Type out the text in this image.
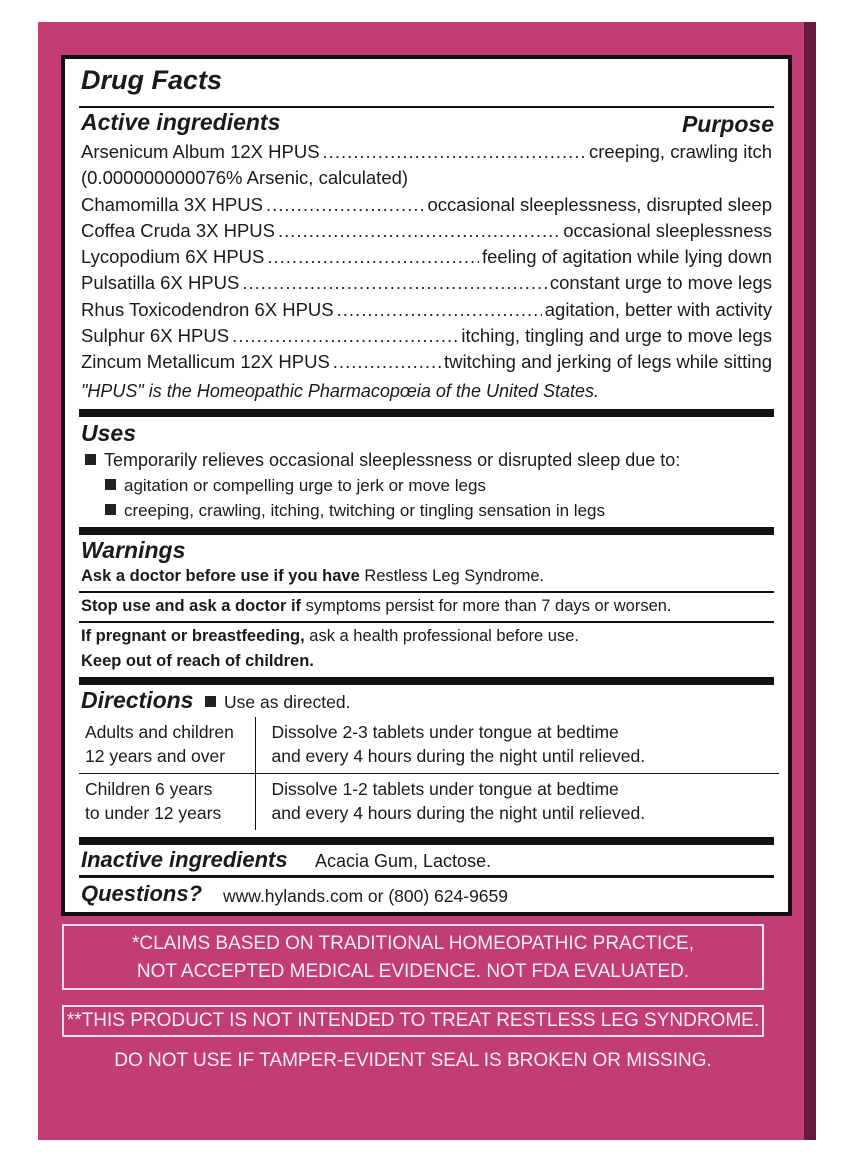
Drug Facts
Active ingredients	Purpose
Arsenicum Album 12X HPUS .....	creeping, crawling itch
(0.000000000076% Arsenic, calculated)
Chamomilla 3X HPUS .....	occasional sleeplessness, disrupted sleep
Coffea Cruda 3X HPUS .....	occasional sleeplessness
Lycopodium 6X HPUS .....	feeling of agitation while lying down
Pulsatilla 6X HPUS .....	constant urge to move legs
Rhus Toxicodendron 6X HPUS .....	agitation, better with activity
Sulphur 6X HPUS .....	itching, tingling and urge to move legs
Zincum Metallicum 12X HPUS .....	twitching and jerking of legs while sitting
"HPUS" is the Homeopathic Pharmacopœia of the United States.
Uses
Temporarily relieves occasional sleeplessness or disrupted sleep due to:
agitation or compelling urge to jerk or move legs
creeping, crawling, itching, twitching or tingling sensation in legs
Warnings
Ask a doctor before use if you have Restless Leg Syndrome.
Stop use and ask a doctor if symptoms persist for more than 7 days or worsen.
If pregnant or breastfeeding, ask a health professional before use.
Keep out of reach of children.
Directions	Use as directed.
Adults and children
12 years and over	Dissolve 2-3 tablets under tongue at bedtime
and every 4 hours during the night until relieved.
Children 6 years
to under 12 years	Dissolve 1-2 tablets under tongue at bedtime
and every 4 hours during the night until relieved.
Inactive ingredients Acacia Gum, Lactose.
Questions? www.hylands.com or (800) 624-9659
*CLAIMS BASED ON TRADITIONAL HOMEOPATHIC PRACTICE,
NOT ACCEPTED MEDICAL EVIDENCE. NOT FDA EVALUATED.
**THIS PRODUCT IS NOT INTENDED TO TREAT RESTLESS LEG SYNDROME.
DO NOT USE IF TAMPER-EVIDENT SEAL IS BROKEN OR MISSING.
